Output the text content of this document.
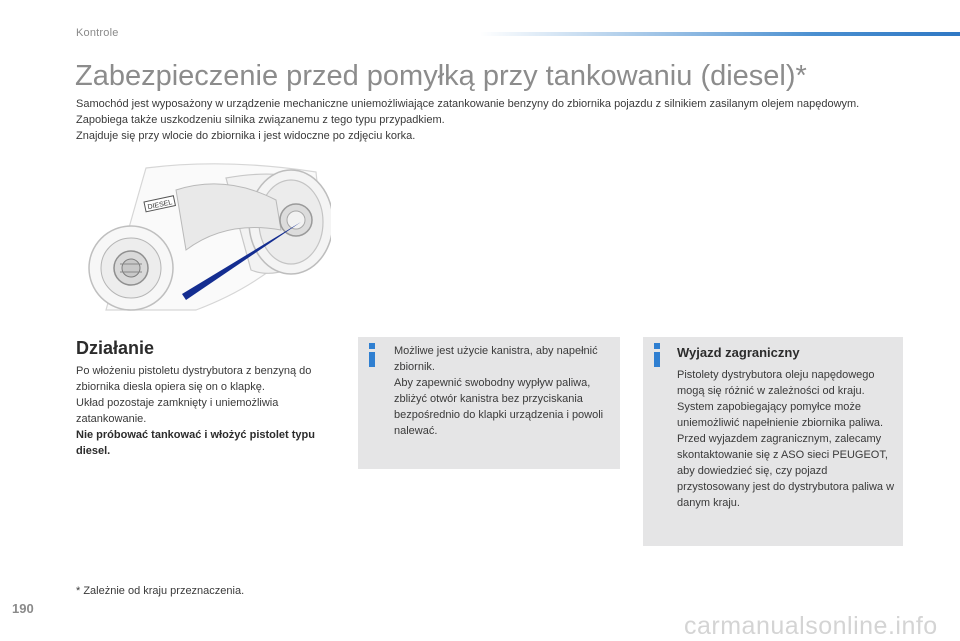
Kontrole
Zabezpieczenie przed pomyłką przy tankowaniu (diesel)*

Samochód jest wyposażony w urządzenie mechaniczne uniemożliwiające zatankowanie benzyny do zbiornika pojazdu z silnikiem zasilanym olejem napędowym. Zapobiega także uszkodzeniu silnika związanemu z tego typu przypadkiem.

Znajduje się przy wlocie do zbiornika i jest widoczne po zdjęciu korka.

DIESEL
Działanie

Po włożeniu pistoletu dystrybutora z benzyną do zbiornika diesla opiera się on o klapkę.

Układ pozostaje zamknięty i uniemożliwia zatankowanie.

Nie próbować tankować i włożyć pistolet typu diesel.

Możliwe jest użycie kanistra, aby napełnić zbiornik.

Aby zapewnić swobodny wypływ paliwa, zbliżyć otwór kanistra bez przyciskania bezpośrednio do klapki urządzenia i powoli nalewać.

Wyjazd zagraniczny

Pistolety dystrybutora oleju napędowego mogą się różnić w zależności od kraju. System zapobiegający pomyłce może uniemożliwić napełnienie zbiornika paliwa.

Przed wyjazdem zagranicznym, zalecamy skontaktowanie się z ASO sieci PEUGEOT, aby dowiedzieć się, czy pojazd przystosowany jest do dystrybutora paliwa w danym kraju.

* Zależnie od kraju przeznaczenia.
190
carmanualsonline.info
